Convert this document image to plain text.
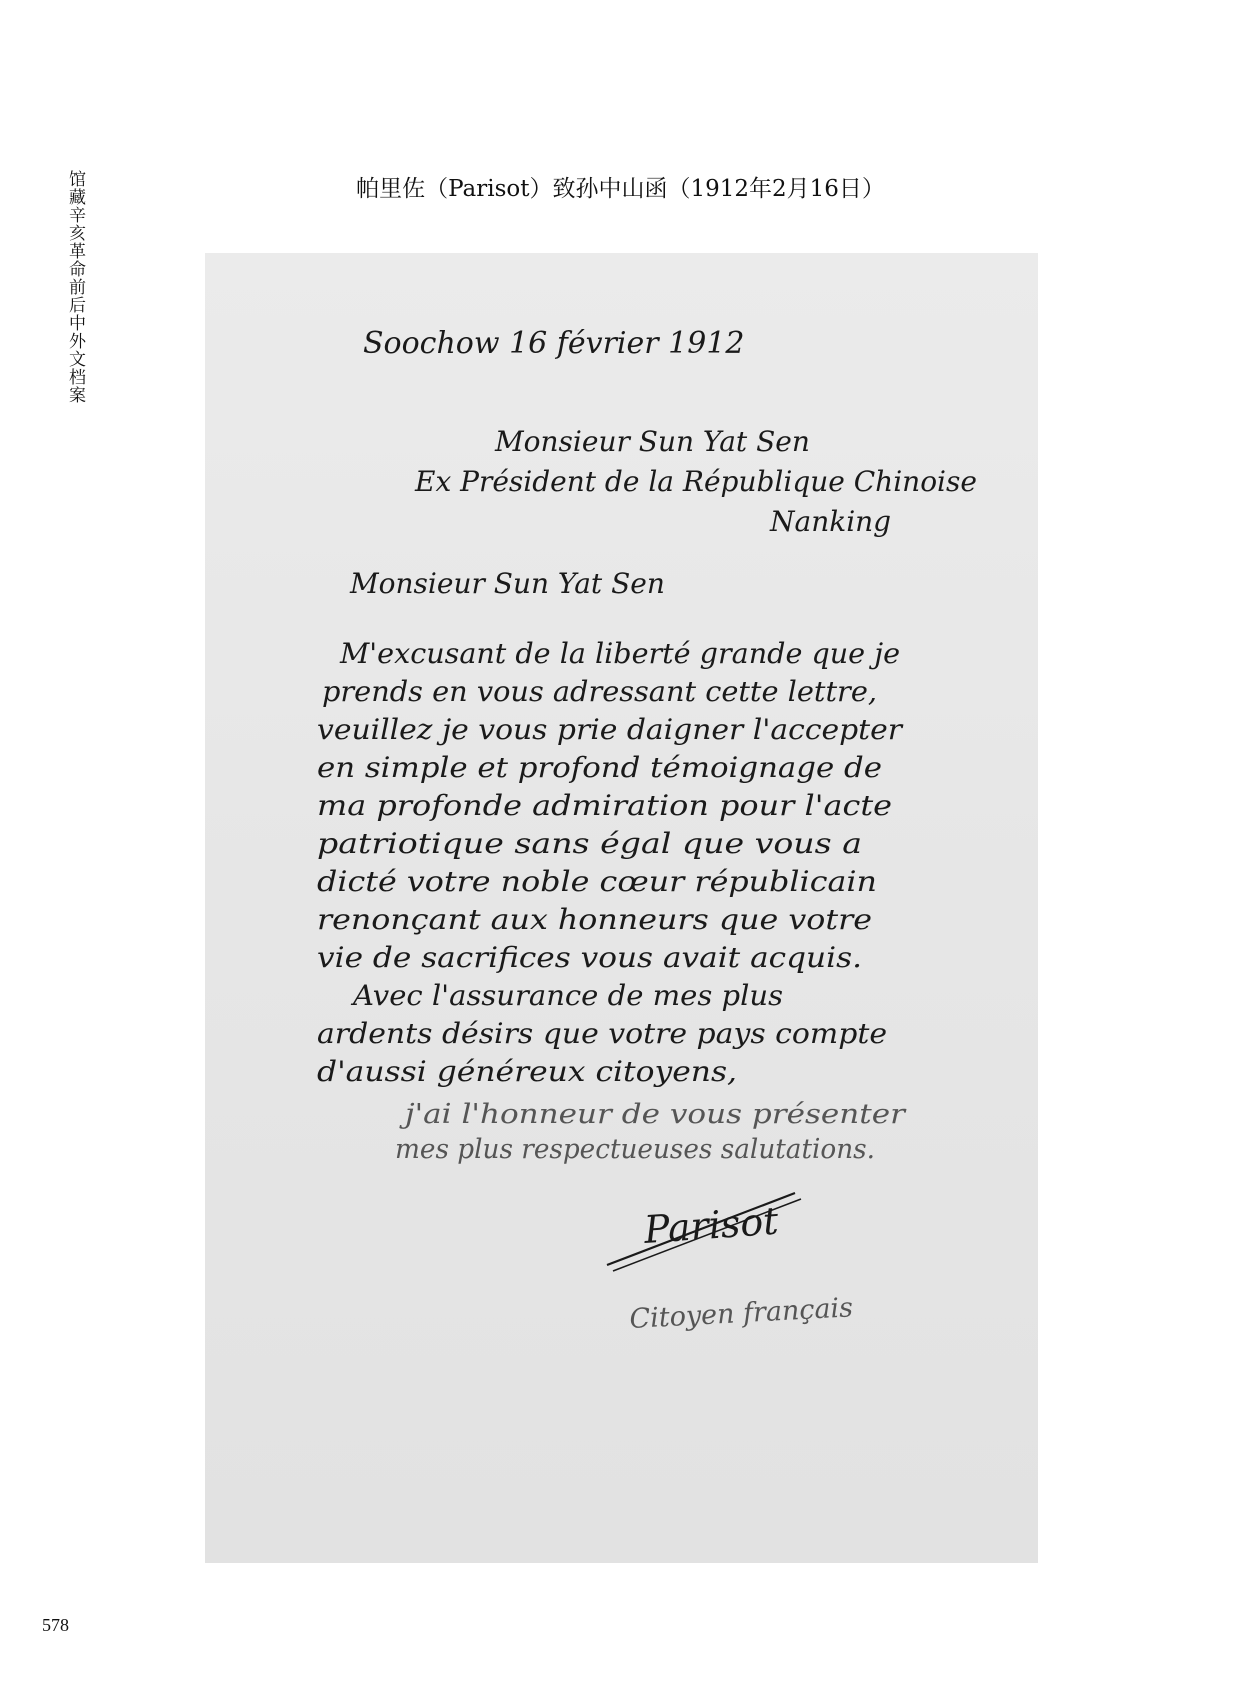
馆藏辛亥革命前后中外文档案	帕里佐（Parisot）致孙中山函（1912年2月16日）
Soochow 16 février 1912
Monsieur Sun Yat Sen
Ex Président de la République Chinoise
Nanking
Monsieur Sun Yat Sen
M'excusant de la liberté grande que je
prends en vous adressant cette lettre,
veuillez je vous prie daigner l'accepter
en simple et profond témoignage de
ma profonde admiration pour l'acte
patriotique sans égal que vous a
dicté votre noble cœur républicain
renonçant aux honneurs que votre
vie de sacrifices vous avait acquis.
Avec l'assurance de mes plus
ardents désirs que votre pays compte
d'aussi généreux citoyens,
j'ai l'honneur de vous présenter
mes plus respectueuses salutations.
Parisot
Citoyen français
578
